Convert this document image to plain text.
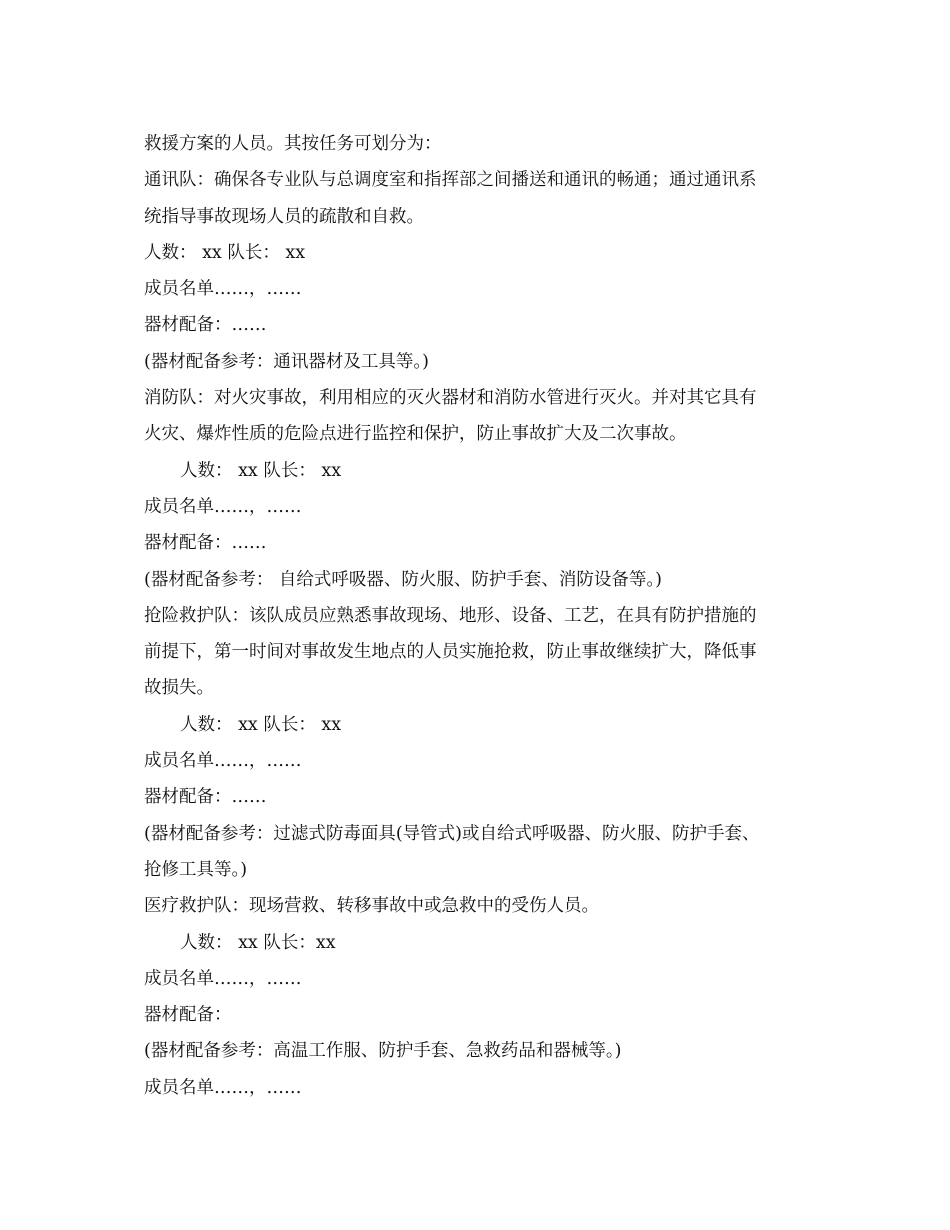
救援方案的人员。其按任务可划分为：
通讯队：确保各专业队与总调度室和指挥部之间播送和通讯的畅通；通过通讯系
统指导事故现场人员的疏散和自救。
人数： xx 队长： xx
成员名单……，……
器材配备：……
(器材配备参考：通讯器材及工具等。)
消防队：对火灾事故，利用相应的灭火器材和消防水管进行灭火。并对其它具有
火灾、爆炸性质的危险点进行监控和保护，防止事故扩大及二次事故。
人数： xx 队长： xx
成员名单……，……
器材配备：……
(器材配备参考： 自给式呼吸器、防火服、防护手套、消防设备等。)
抢险救护队：该队成员应熟悉事故现场、地形、设备、工艺，在具有防护措施的
前提下，第一时间对事故发生地点的人员实施抢救，防止事故继续扩大，降低事
故损失。
人数： xx 队长： xx
成员名单……，……
器材配备：……
(器材配备参考：过滤式防毒面具(导管式)或自给式呼吸器、防火服、防护手套、
抢修工具等。)
医疗救护队：现场营救、转移事故中或急救中的受伤人员。
人数： xx 队长：xx
成员名单……，……
器材配备：
(器材配备参考：高温工作服、防护手套、急救药品和器械等。)
成员名单……，……
